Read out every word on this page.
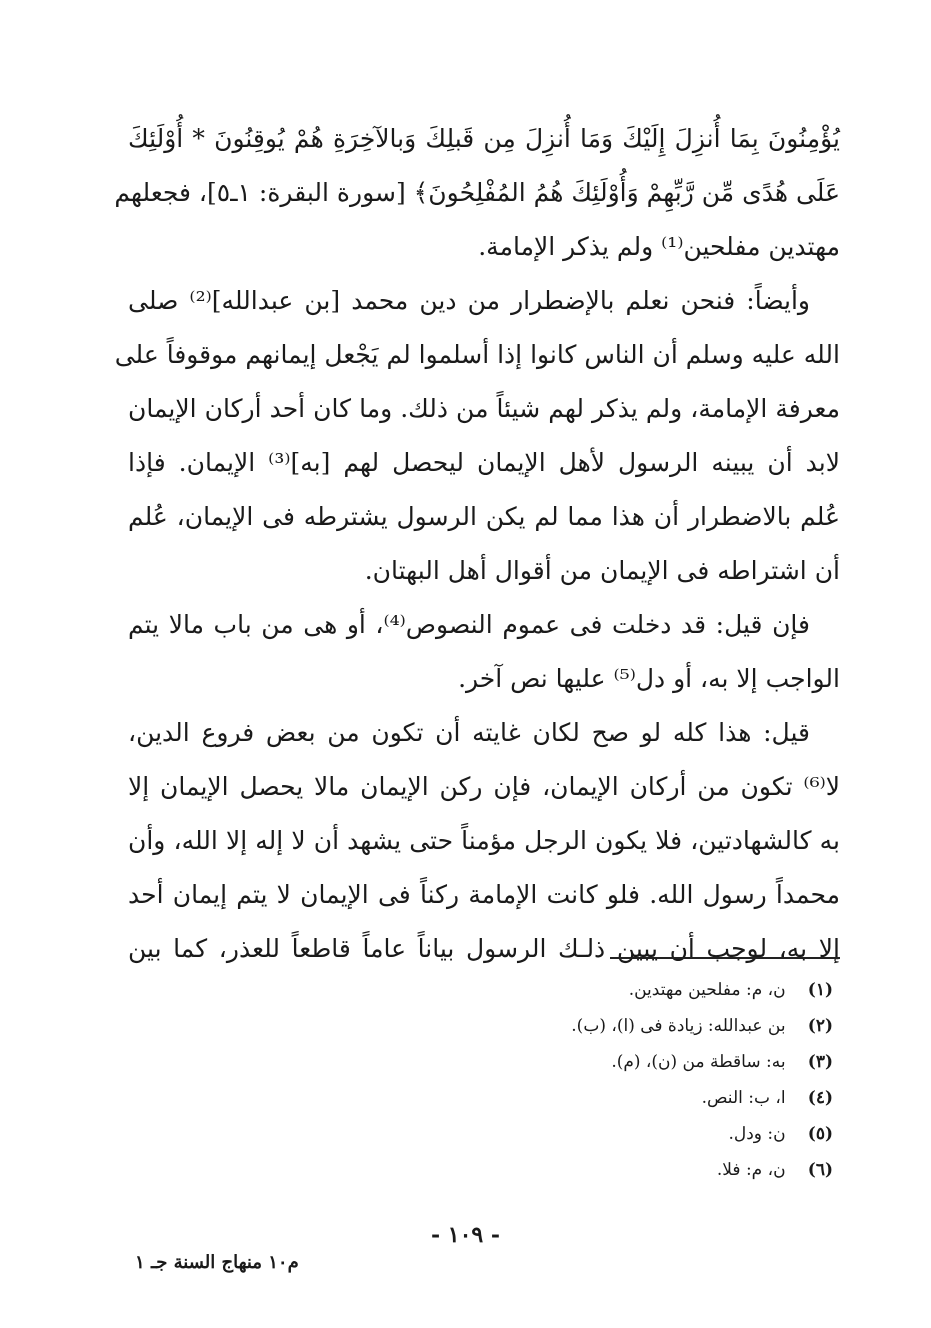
يُؤْمِنُونَ بِمَا أُنزِلَ إِلَيْكَ وَمَا أُنزِلَ مِن قَبلِكَ وَبالآخِرَةِ هُمْ يُوقِنُونَ * أُوْلَئِكَ
عَلَى هُدًى مِّن رَّبِّهِمْ وَأُوْلَئِكَ هُمُ المُفْلِحُونَ﴾ [سورة البقرة: ١ـ٥]، فجعلهم
مهتدين مفلحين⁽¹⁾ ولم يذكر الإمامة.
وأيضاً: فنحن نعلم بالإضطرار من دين محمد [بن عبدالله]⁽²⁾ صلى
الله عليه وسلم أن الناس كانوا إذا أسلموا لم يَجْعل إيمانهم موقوفاً على
معرفة الإمامة، ولم يذكر لهم شيئاً من ذلك. وما كان أحد أركان الإيمان
لابد أن يبينه الرسول لأهل الإيمان ليحصل لهم [به]⁽³⁾ الإيمان. فإذا
عُلم بالاضطرار أن هذا مما لم يكن الرسول يشترطه فى الإيمان، عُلم
أن اشتراطه فى الإيمان من أقوال أهل البهتان.
فإن قيل: قد دخلت فى عموم النصوص⁽⁴⁾، أو هى من باب مالا يتم
الواجب إلا به، أو دل⁽⁵⁾ عليها نص آخر.
قيل: هذا كله لو صح لكان غايته أن تكون من بعض فروع الدين،
لا⁽⁶⁾ تكون من أركان الإيمان، فإن ركن الإيمان مالا يحصل الإيمان إلا
به كالشهادتين، فلا يكون الرجل مؤمناً حتى يشهد أن لا إله إلا الله، وأن
محمداً رسول الله. فلو كانت الإمامة ركناً فى الإيمان لا يتم إيمان أحد
إلا به، لوجب أن يبين ذلـك الرسول بياناً عاماً قاطعاً للعذر، كما بين
(١) ن، م: مفلحين مهتدين.
(٢) بن عبدالله: زيادة فى (ا)، (ب).
(٣) به: ساقطة من (ن)، (م).
(٤) ا، ب: النص.
(٥) ن: ودل.
(٦) ن، م: فلا.
- ١٠٩ -
م١٠ منهاج السنة جـ ١
